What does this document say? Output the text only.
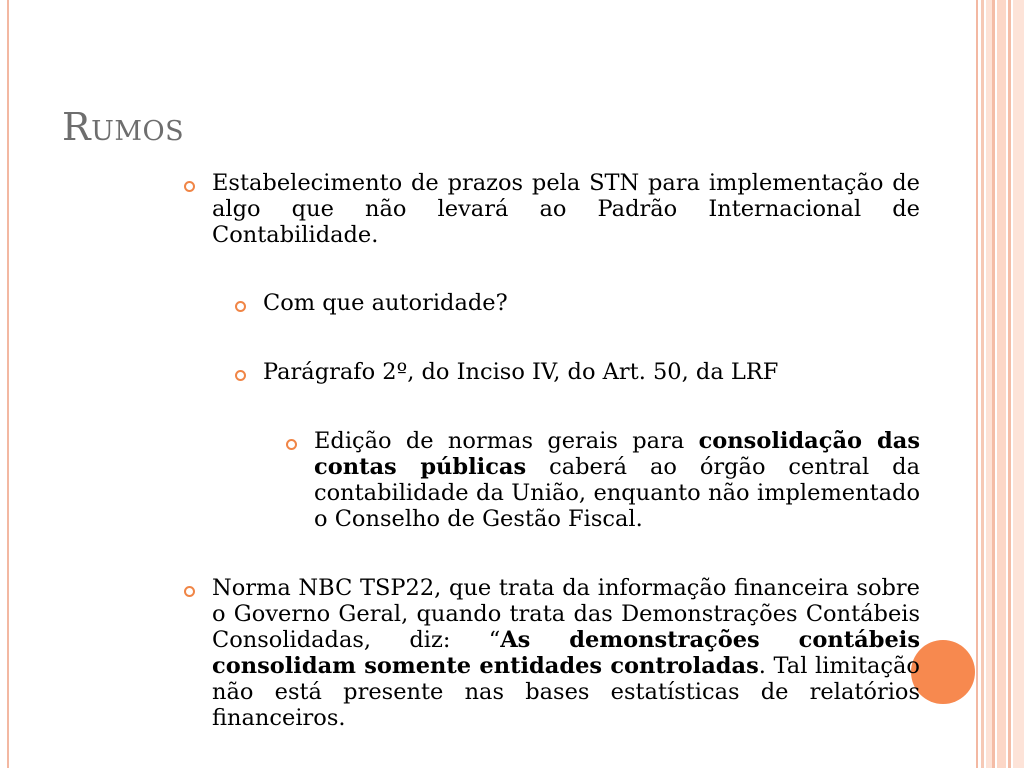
Rumos

Estabelecimento de prazos pela STN para implementação de algo que não levará ao Padrão Internacional de Contabilidade.

Com que autoridade?

Parágrafo 2º, do Inciso IV, do Art. 50, da LRF

Edição de normas gerais para consolidação das contas públicas caberá ao órgão central da contabilidade da União, enquanto não implementado o Conselho de Gestão Fiscal.

Norma NBC TSP22, que trata da informação financeira sobre o Governo Geral, quando trata das Demonstrações Contábeis Consolidadas, diz: “As demonstrações contábeis consolidam somente entidades controladas. Tal limitação não está presente nas bases estatísticas de relatórios financeiros.
